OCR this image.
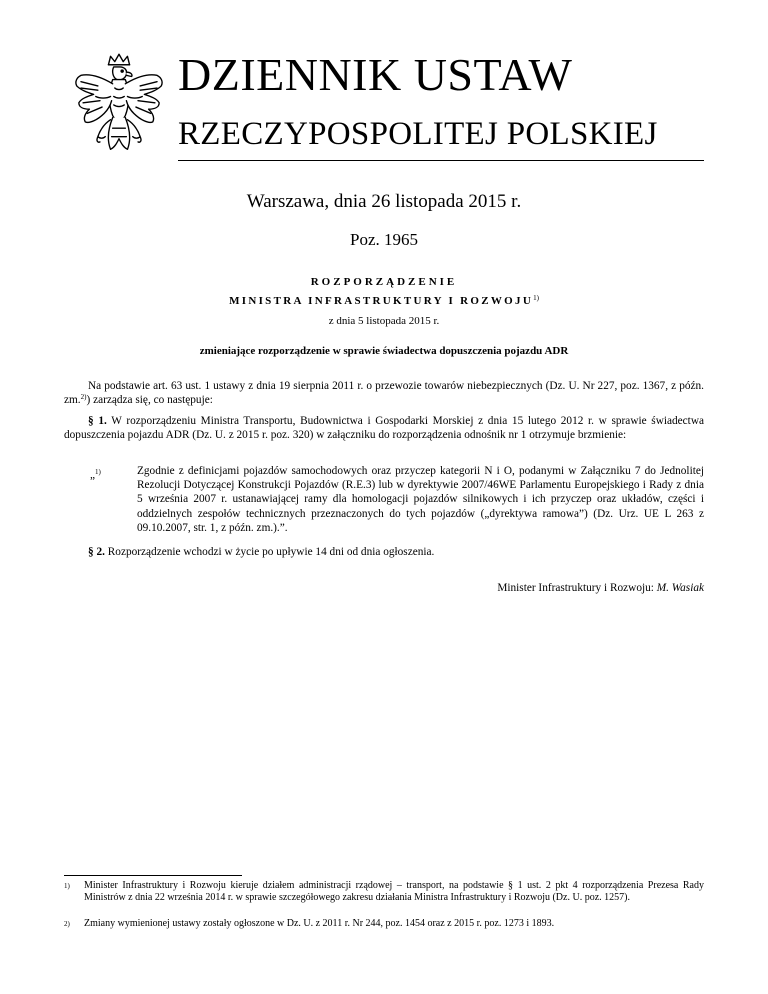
DZIENNIK USTAW
RZECZYPOSPOLITEJ POLSKIEJ
Warszawa, dnia 26 listopada 2015 r.
Poz. 1965
ROZPORZĄDZENIE
MINISTRA INFRASTRUKTURY I ROZWOJU$^{1)}$
z dnia 5 listopada 2015 r.
zmieniające rozporządzenie w sprawie świadectwa dopuszczenia pojazdu ADR
Na podstawie art. 63 ust. 1 ustawy z dnia 19 sierpnia 2011 r. o przewozie towarów niebezpiecznych (Dz. U. Nr 227, poz. 1367, z późn. zm.$^{2)}$) zarządza się, co następuje:
§ 1. W rozporządzeniu Ministra Transportu, Budownictwa i Gospodarki Morskiej z dnia 15 lutego 2012 r. w sprawie świadectwa dopuszczenia pojazdu ADR (Dz. U. z 2015 r. poz. 320) w załączniku do rozporządzenia odnośnik nr 1 otrzymuje brzmienie:
„$^{1)}$	Zgodnie z definicjami pojazdów samochodowych oraz przyczep kategorii N i O, podanymi w Załączniku 7 do Jednolitej Rezolucji Dotyczącej Konstrukcji Pojazdów (R.E.3) lub w dyrektywie 2007/46WE Parlamentu Europejskiego i Rady z dnia 5 września 2007 r. ustanawiającej ramy dla homologacji pojazdów silnikowych i ich przyczep oraz układów, części i oddzielnych zespołów technicznych przeznaczonych do tych pojazdów („dyrektywa ramowa”) (Dz. Urz. UE L 263 z 09.10.2007, str. 1, z późn. zm.).”.
§ 2. Rozporządzenie wchodzi w życie po upływie 14 dni od dnia ogłoszenia.
Minister Infrastruktury i Rozwoju: M. Wasiak
1) Minister Infrastruktury i Rozwoju kieruje działem administracji rządowej – transport, na podstawie § 1 ust. 2 pkt 4 rozporządzenia Prezesa Rady Ministrów z dnia 22 września 2014 r. w sprawie szczegółowego zakresu działania Ministra Infrastruktury i Rozwoju (Dz. U. poz. 1257).
2) Zmiany wymienionej ustawy zostały ogłoszone w Dz. U. z 2011 r. Nr 244, poz. 1454 oraz z 2015 r. poz. 1273 i 1893.
